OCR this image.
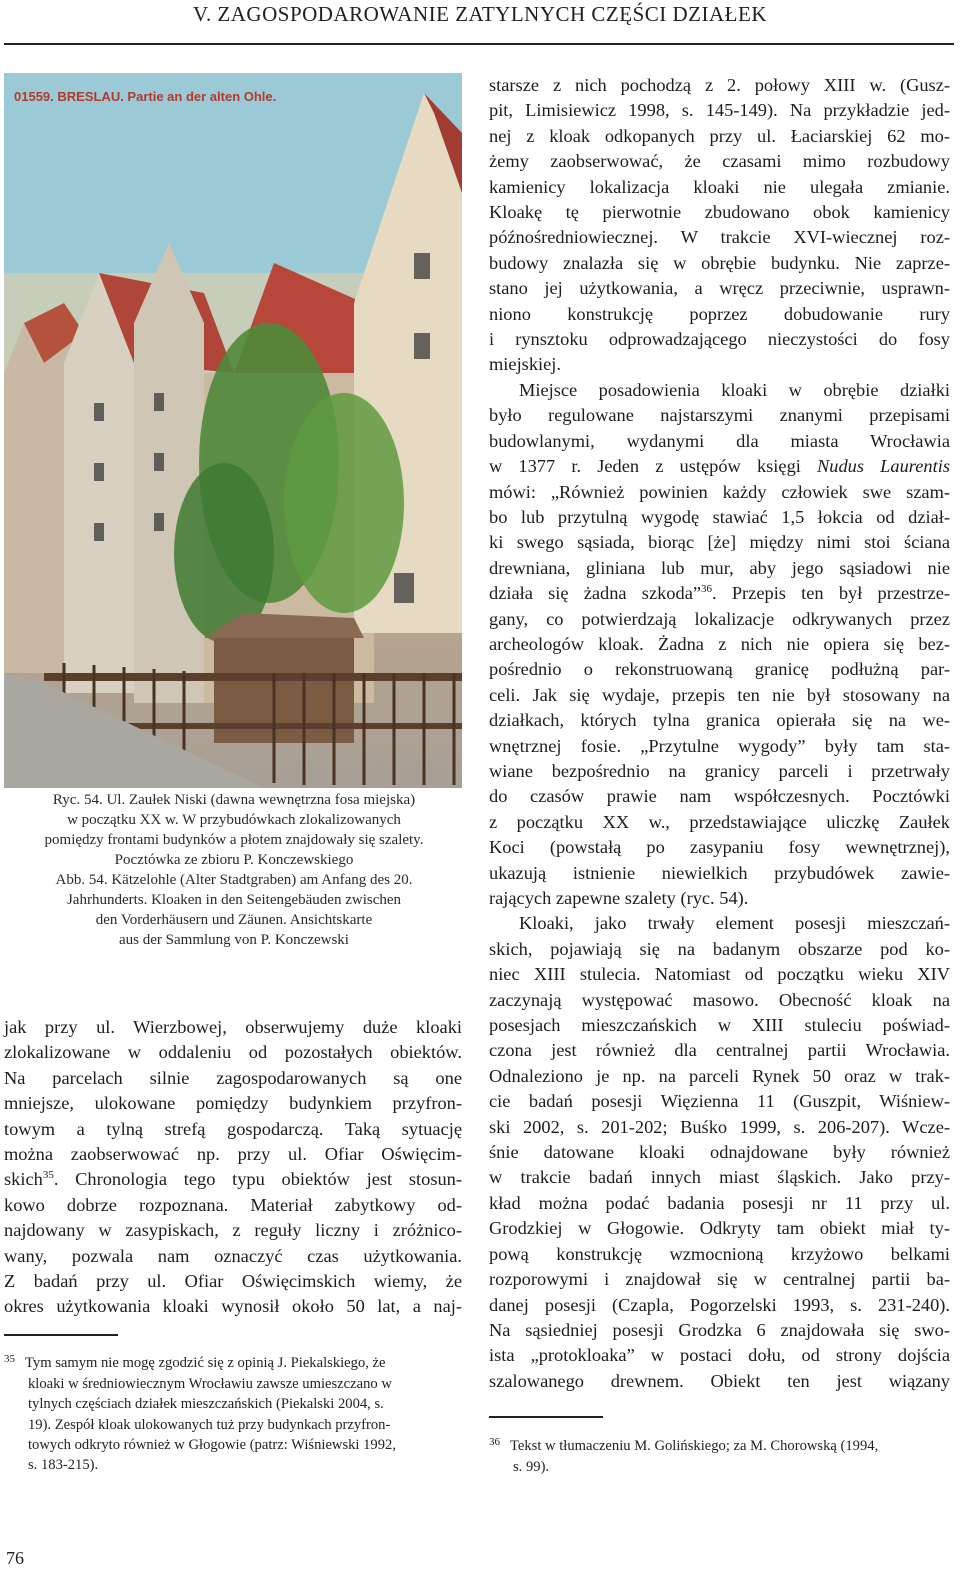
V. ZAGOSPODAROWANIE ZATYLNYCH CZĘŚCI DZIAŁEK
01559. BRESLAU. Partie an der alten Ohle.
Ryc. 54. Ul. Zaułek Niski (dawna wewnętrzna fosa miejska)
w początku XX w. W przybudówkach zlokalizowanych
pomiędzy frontami budynków a płotem znajdowały się szalety.
Pocztówka ze zbioru P. Konczewskiego
Abb. 54. Kätzelohle (Alter Stadtgraben) am Anfang des 20.
Jahrhunderts. Kloaken in den Seitengebäuden zwischen
den Vorderhäusern und Zäunen. Ansichtskarte
aus der Sammlung von P. Konczewski
jak przy ul. Wierzbowej, obserwujemy duże kloaki
zlokalizowane w oddaleniu od pozostałych obiektów.
Na parcelach silnie zagospodarowanych są one
mniejsze, ulokowane pomiędzy budynkiem przyfron-
towym a tylną strefą gospodarczą. Taką sytuację
można zaobserwować np. przy ul. Ofiar Oświęcim-
skich$^{35}$. Chronologia tego typu obiektów jest stosun-
kowo dobrze rozpoznana. Materiał zabytkowy od-
najdowany w zasypiskach, z reguły liczny i zróżnico-
wany, pozwala nam oznaczyć czas użytkowania.
Z badań przy ul. Ofiar Oświęcimskich wiemy, że
okres użytkowania kloaki wynosił około 50 lat, a naj-
$^{35}$ Tym samym nie mogę zgodzić się z opinią J. Piekalskiego, że
kloaki w średniowiecznym Wrocławiu zawsze umieszczano w
tylnych częściach działek mieszczańskich (Piekalski 2004, s.
19). Zespół kloak ulokowanych tuż przy budynkach przyfron-
towych odkryto również w Głogowie (patrz: Wiśniewski 1992,
s. 183-215).
starsze z nich pochodzą z 2. połowy XIII w. (Gusz-
pit, Limisiewicz 1998, s. 145-149). Na przykładzie jed-
nej z kloak odkopanych przy ul. Łaciarskiej 62 mo-
żemy zaobserwować, że czasami mimo rozbudowy
kamienicy lokalizacja kloaki nie ulegała zmianie.
Kloakę tę pierwotnie zbudowano obok kamienicy
późnośredniowiecznej. W trakcie XVI-wiecznej roz-
budowy znalazła się w obrębie budynku. Nie zaprze-
stano jej użytkowania, a wręcz przeciwnie, usprawn-
niono konstrukcję poprzez dobudowanie rury
i rynsztoku odprowadzającego nieczystości do fosy
miejskiej.
Miejsce posadowienia kloaki w obrębie działki
było regulowane najstarszymi znanymi przepisami
budowlanymi, wydanymi dla miasta Wrocławia
w 1377 r. Jeden z ustępów księgi Nudus Laurentis
mówi: „Również powinien każdy człowiek swe szam-
bo lub przytulną wygodę stawiać 1,5 łokcia od dział-
ki swego sąsiada, biorąc [że] między nimi stoi ściana
drewniana, gliniana lub mur, aby jego sąsiadowi nie
działa się żadna szkoda”$^{36}$. Przepis ten był przestrze-
gany, co potwierdzają lokalizacje odkrywanych przez
archeologów kloak. Żadna z nich nie opiera się bez-
pośrednio o rekonstruowaną granicę podłużną par-
celi. Jak się wydaje, przepis ten nie był stosowany na
działkach, których tylna granica opierała się na we-
wnętrznej fosie. „Przytulne wygody” były tam sta-
wiane bezpośrednio na granicy parceli i przetrwały
do czasów prawie nam współczesnych. Pocztówki
z początku XX w., przedstawiające uliczkę Zaułek
Koci (powstałą po zasypaniu fosy wewnętrznej),
ukazują istnienie niewielkich przybudówek zawie-
rających zapewne szalety (ryc. 54).
Kloaki, jako trwały element posesji mieszczań-
skich, pojawiają się na badanym obszarze pod ko-
niec XIII stulecia. Natomiast od początku wieku XIV
zaczynają występować masowo. Obecność kloak na
posesjach mieszczańskich w XIII stuleciu poświad-
czona jest również dla centralnej partii Wrocławia.
Odnaleziono je np. na parceli Rynek 50 oraz w trak-
cie badań posesji Więzienna 11 (Guszpit, Wiśniew-
ski 2002, s. 201-202; Buśko 1999, s. 206-207). Wcze-
śnie datowane kloaki odnajdowane były również
w trakcie badań innych miast śląskich. Jako przy-
kład można podać badania posesji nr 11 przy ul.
Grodzkiej w Głogowie. Odkryty tam obiekt miał ty-
pową konstrukcję wzmocnioną krzyżowo belkami
rozporowymi i znajdował się w centralnej partii ba-
danej posesji (Czapla, Pogorzelski 1993, s. 231-240).
Na sąsiedniej posesji Grodzka 6 znajdowała się swo-
ista „protokloaka” w postaci dołu, od strony dojścia
szalowanego drewnem. Obiekt ten jest wiązany
$^{36}$ Tekst w tłumaczeniu M. Golińskiego; za M. Chorowską (1994,
s. 99).
76
